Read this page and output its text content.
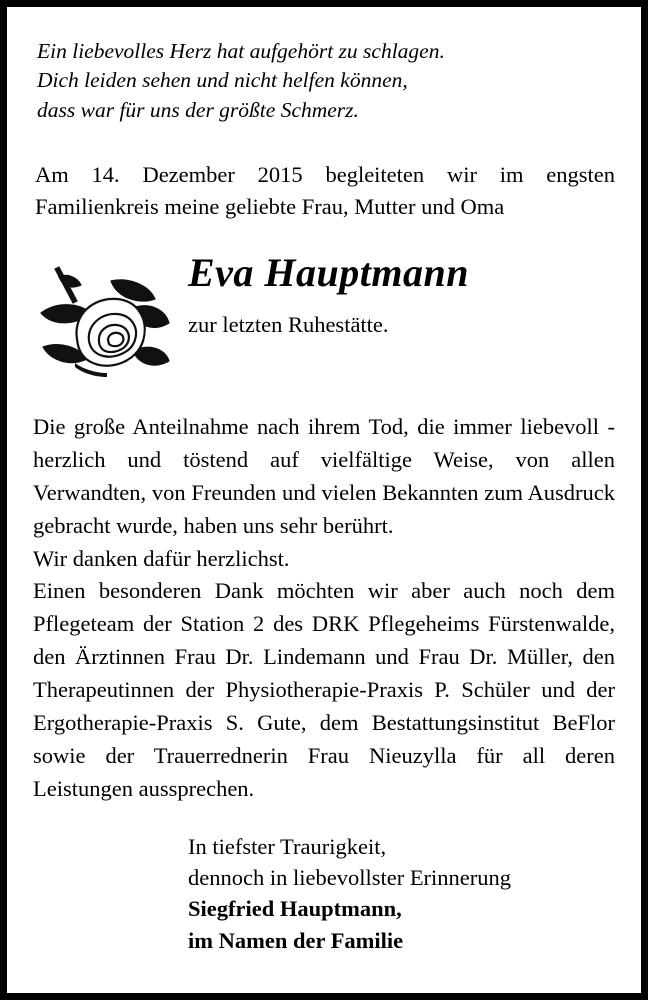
Ein liebevolles Herz hat aufgehört zu schlagen.
Dich leiden sehen und nicht helfen können,
dass war für uns der größte Schmerz.
Am 14. Dezember 2015 begleiteten wir im engsten Familienkreis meine geliebte Frau, Mutter und Oma
Eva Hauptmann
zur letzten Ruhestätte.

Die große Anteilnahme nach ihrem Tod, die immer liebevoll - herzlich und töstend auf vielfältige Weise, von allen Verwandten, von Freunden und vielen Bekannten zum Ausdruck gebracht wurde, haben uns sehr berührt.

Wir danken dafür herzlichst.

Einen besonderen Dank möchten wir aber auch noch dem Pflegeteam der Station 2 des DRK Pflegeheims Fürstenwalde, den Ärztinnen Frau Dr. Lindemann und Frau Dr. Müller, den Therapeutinnen der Physiotherapie-Praxis P. Schüler und der Ergotherapie-Praxis S. Gute, dem Bestattungsinstitut BeFlor sowie der Trauerrednerin Frau Nieuzylla für all deren Leistungen aussprechen.

In tiefster Traurigkeit,
dennoch in liebevollster Erinnerung
Siegfried Hauptmann,
im Namen der Familie
